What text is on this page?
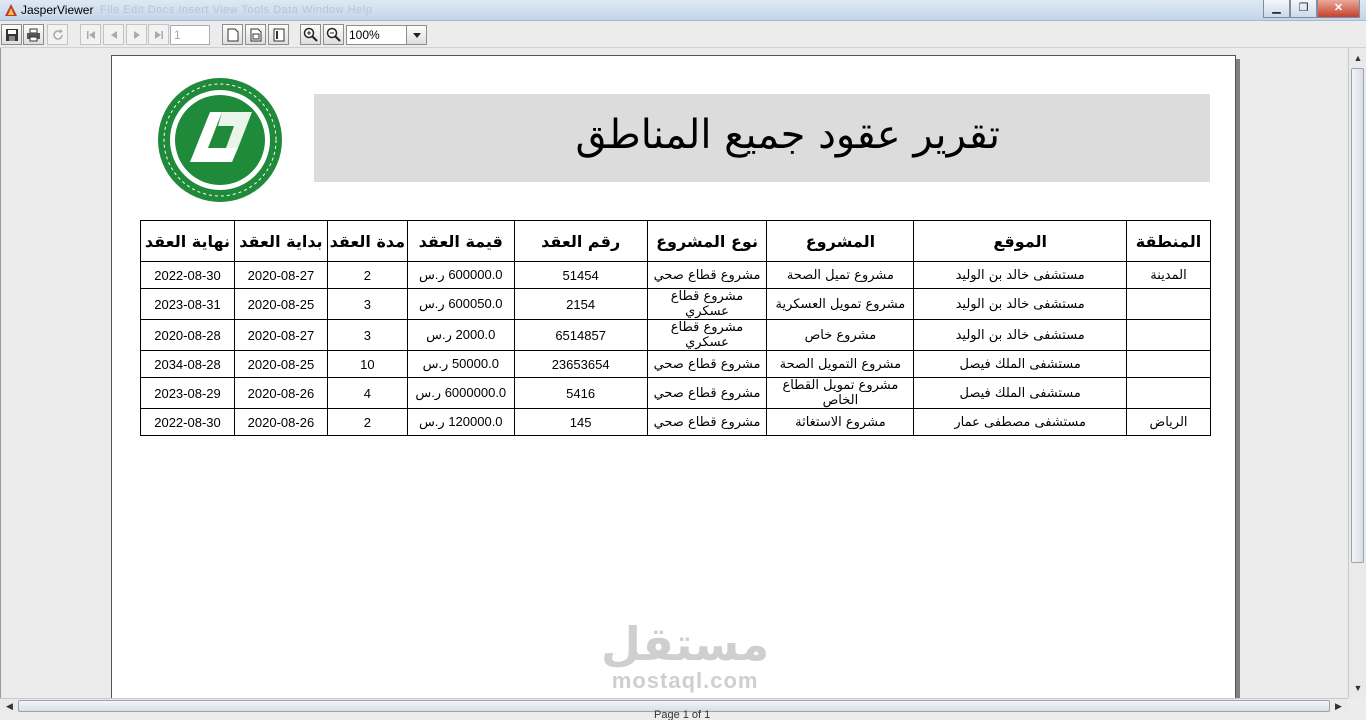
JasperViewer File Edit Docs Insert View Tools Data Window Help	▁	❐	✕
1	100%
تقرير عقود جميع المناطق
المنطقة	الموقع	المشروع	نوع المشروع	رقم العقد	قيمة العقد	مدة العقد	بداية العقد	نهاية العقد
المدينة	مستشفى خالد بن الوليد	مشروع تميل الصحة	مشروع قطاع صحي	51454	600000.0 ر.س	2	2020-08-27	2022-08-30
	مستشفى خالد بن الوليد	مشروع تمويل العسكرية	مشروع قطاع عسكري	2154	600050.0 ر.س	3	2020-08-25	2023-08-31
	مستشفى خالد بن الوليد	مشروع خاص	مشروع قطاع عسكري	6514857	2000.0 ر.س	3	2020-08-27	2020-08-28
	مستشفى الملك فيصل	مشروع التمويل الصحة	مشروع قطاع صحي	23653654	50000.0 ر.س	10	2020-08-25	2034-08-28
	مستشفى الملك فيصل	مشروع تمويل القطاع الخاص	مشروع قطاع صحي	5416	6000000.0 ر.س	4	2020-08-26	2023-08-29
الرياض	مستشفى مصطفى عمار	مشروع الاستغاثة	مشروع قطاع صحي	145	120000.0 ر.س	2	2020-08-26	2022-08-30
مستقل
mostaql.com
▲
▼
◀	▶
Page 1 of 1
